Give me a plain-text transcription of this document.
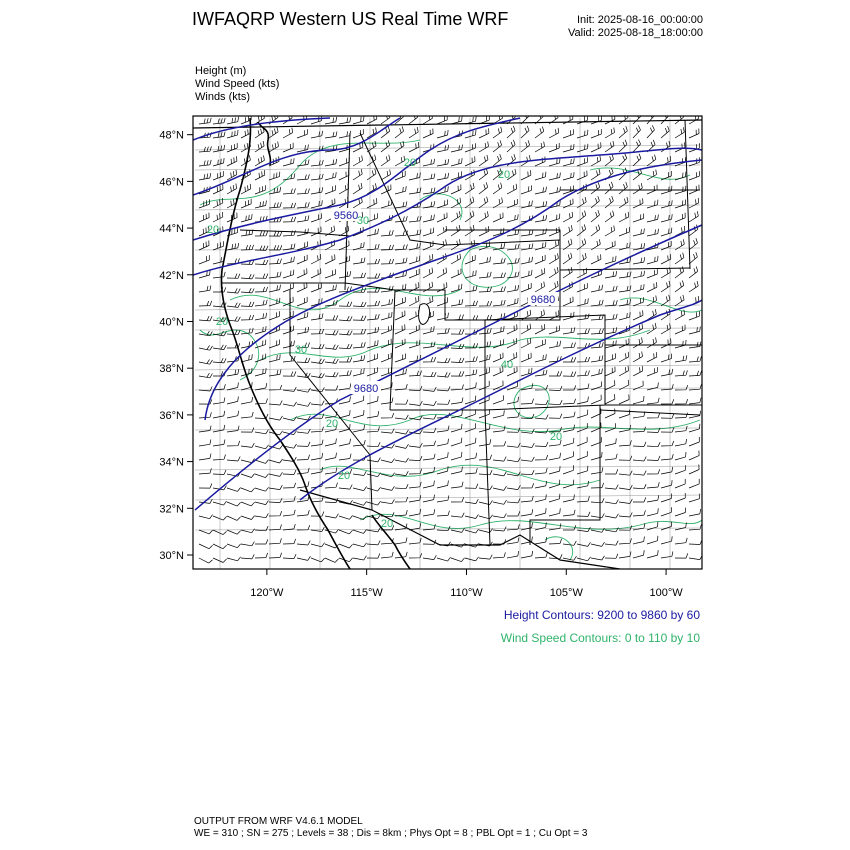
IWFAQRP Western US Real Time WRF	Init: 2025-08-16_00:00:00
Valid: 2025-08-18_18:00:00
Height (m)
Wind Speed (kts)
Winds (kts)
9560
9680
9680
20
20
20
30
20
30
40
20
20
20
20
48°N
46°N
44°N
42°N
40°N
38°N
36°N
34°N
32°N
30°N
120°W	115°W	110°W	105°W	100°W
Height Contours: 9200 to 9860 by 60
Wind Speed Contours: 0 to 110 by 10
OUTPUT FROM WRF V4.6.1 MODEL
WE = 310 ; SN = 275 ; Levels = 38 ; Dis = 8km ; Phys Opt = 8 ; PBL Opt = 1 ; Cu Opt = 3
